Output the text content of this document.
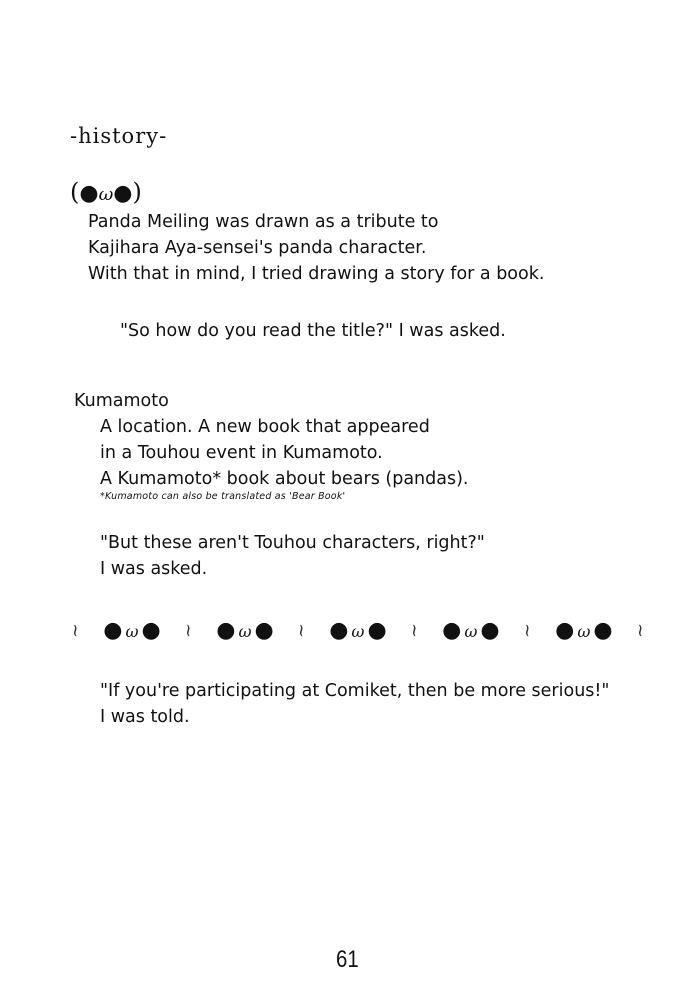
-history-
(●ω●)
Panda Meiling was drawn as a tribute to
Kajihara Aya-sensei's panda character.
With that in mind, I tried drawing a story for a book.
"So how do you read the title?" I was asked.
Kumamoto
A location. A new book that appeared
in a Touhou event in Kumamoto.
A Kumamoto* book about bears (pandas).
*Kumamoto can also be translated as 'Bear Book'
"But these aren't Touhou characters, right?"
I was asked.
~ ● ω ● ~ ● ω ● ~ ● ω ● ~ ● ω ● ~ ● ω ● ~
"If you're participating at Comiket, then be more serious!"
I was told.
61
